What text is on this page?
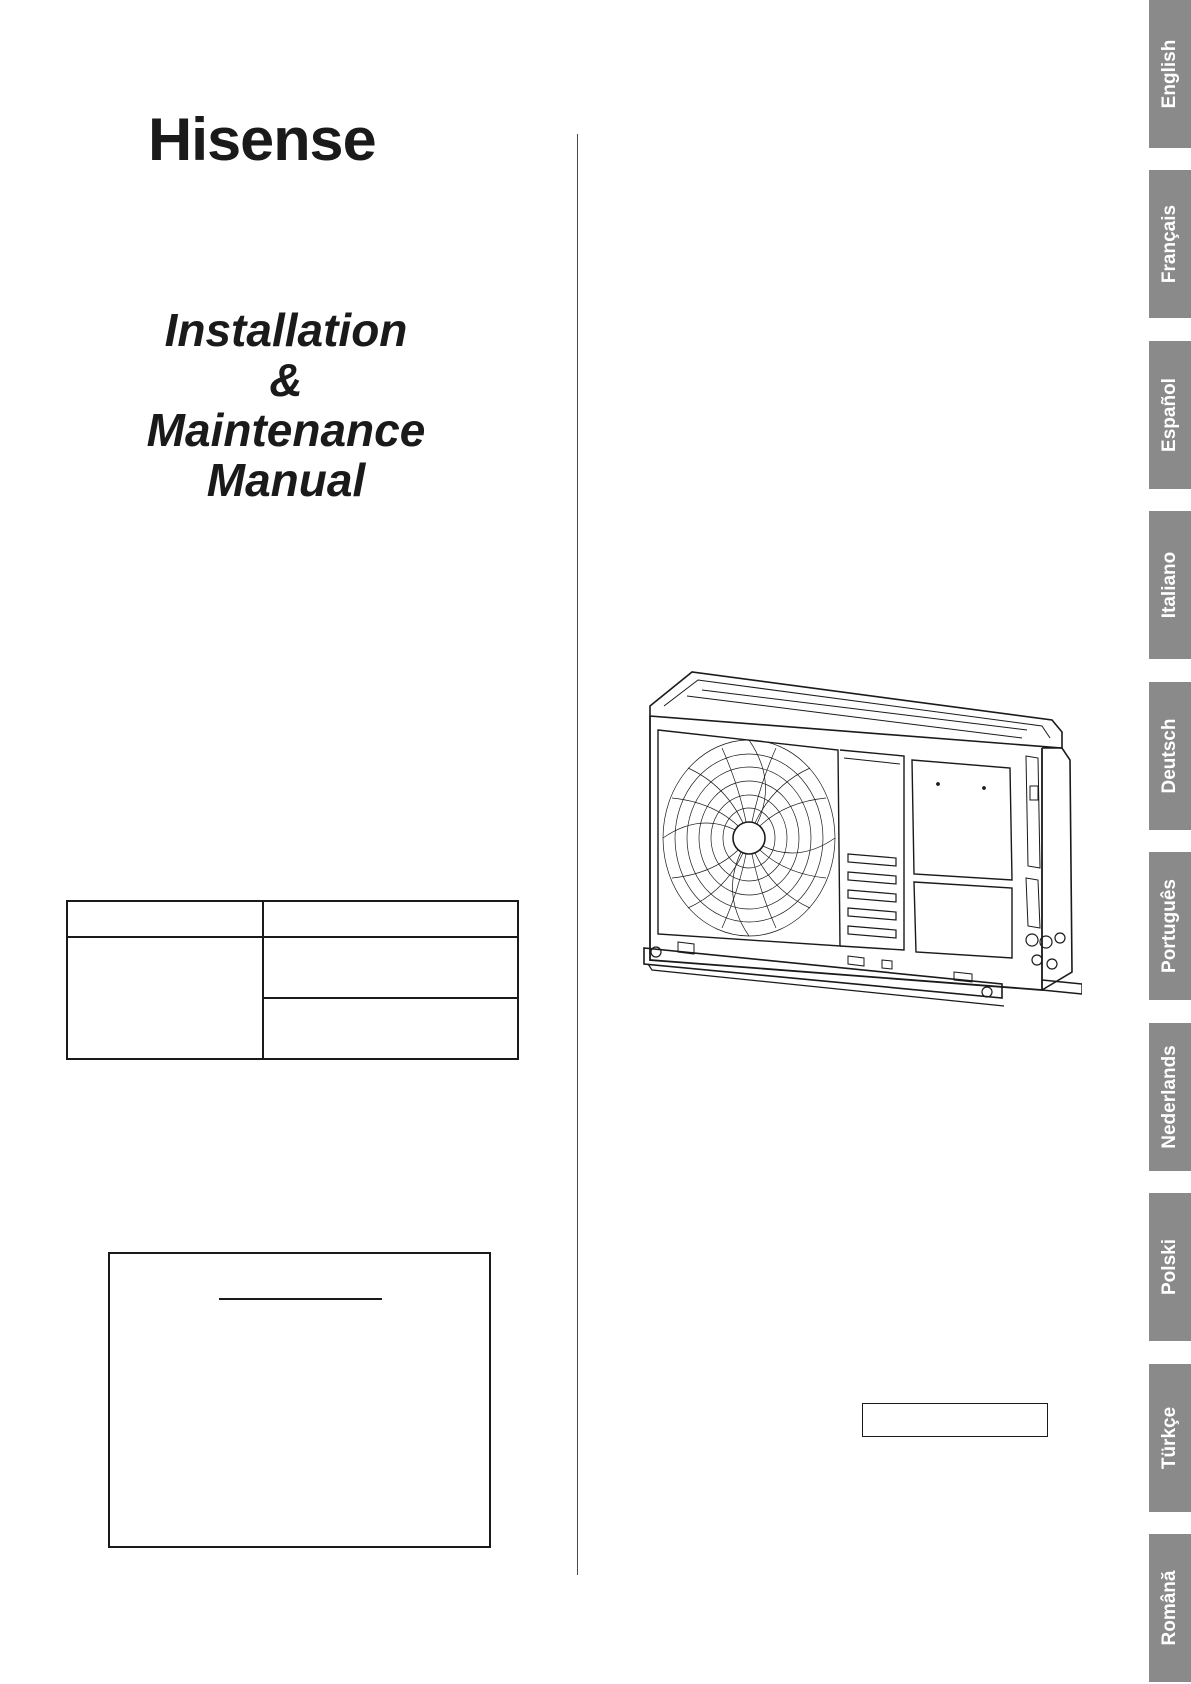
Hisense
Installation
&
Maintenance
Manual

English
Français
Español
Italiano
Deutsch
Português
Nederlands
Polski
Türkçe
Română
